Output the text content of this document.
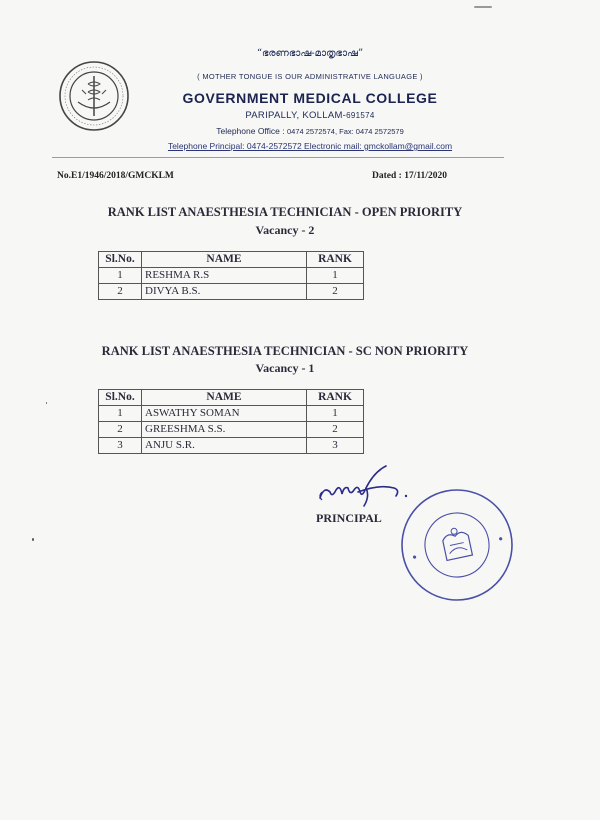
“ഭരണഭാഷ-മാതൃഭാഷ”
( MOTHER TONGUE IS OUR ADMINISTRATIVE LANGUAGE )
GOVERNMENT MEDICAL COLLEGE
PARIPALLY, KOLLAM-691574
Telephone Office : 0474 2572574, Fax: 0474 2572579
Telephone Principal: 0474-2572572 Electronic mail: gmckollam@gmail.com
No.E1/1946/2018/GMCKLM	Dated : 17/11/2020
RANK LIST ANAESTHESIA TECHNICIAN - OPEN PRIORITY
Vacancy - 2
Sl.No.	NAME	RANK
1	RESHMA R.S	1
2	DIVYA B.S.	2
RANK LIST ANAESTHESIA TECHNICIAN - SC NON PRIORITY
Vacancy - 1
Sl.No.	NAME	RANK
1	ASWATHY SOMAN	1
2	GREESHMA S.S.	2
3	ANJU S.R.	3
PRINCIPAL
